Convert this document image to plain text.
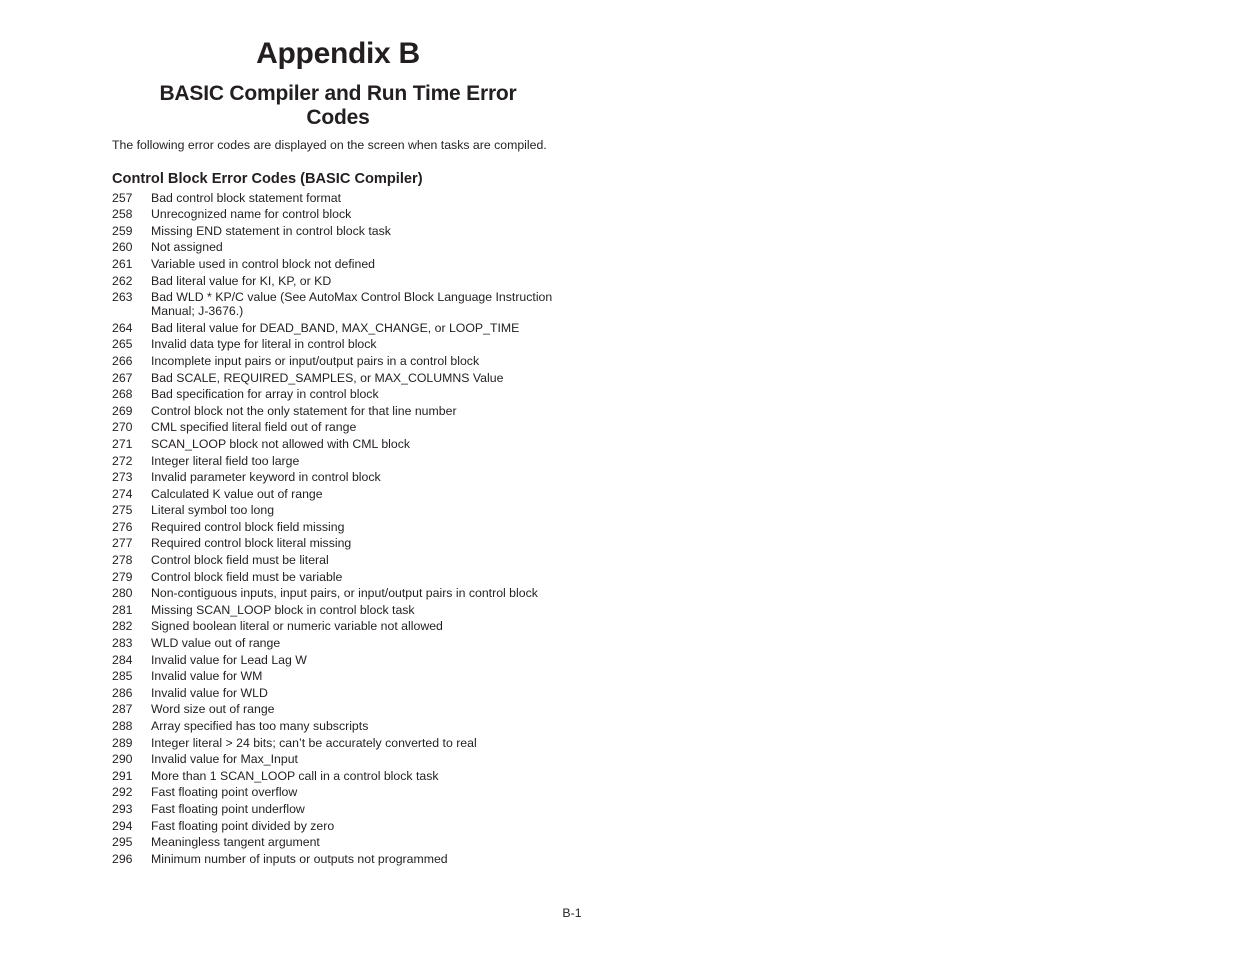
Appendix B
BASIC Compiler and Run Time Error Codes

The following error codes are displayed on the screen when tasks are compiled.

Control Block Error Codes (BASIC Compiler)
257	Bad control block statement format
258	Unrecognized name for control block
259	Missing END statement in control block task
260	Not assigned
261	Variable used in control block not defined
262	Bad literal value for KI, KP, or KD
263	Bad WLD * KP/C value (See AutoMax Control Block Language Instruction Manual; J-3676.)
264	Bad literal value for DEAD_BAND, MAX_CHANGE, or LOOP_TIME
265	Invalid data type for literal in control block
266	Incomplete input pairs or input/output pairs in a control block
267	Bad SCALE, REQUIRED_SAMPLES, or MAX_COLUMNS Value
268	Bad specification for array in control block
269	Control block not the only statement for that line number
270	CML specified literal field out of range
271	SCAN_LOOP block not allowed with CML block
272	Integer literal field too large
273	Invalid parameter keyword in control block
274	Calculated K value out of range
275	Literal symbol too long
276	Required control block field missing
277	Required control block literal missing
278	Control block field must be literal
279	Control block field must be variable
280	Non-contiguous inputs, input pairs, or input/output pairs in control block
281	Missing SCAN_LOOP block in control block task
282	Signed boolean literal or numeric variable not allowed
283	WLD value out of range
284	Invalid value for Lead Lag W
285	Invalid value for WM
286	Invalid value for WLD
287	Word size out of range
288	Array specified has too many subscripts
289	Integer literal > 24 bits; can’t be accurately converted to real
290	Invalid value for Max_Input
291	More than 1 SCAN_LOOP call in a control block task
292	Fast floating point overflow
293	Fast floating point underflow
294	Fast floating point divided by zero
295	Meaningless tangent argument
296	Minimum number of inputs or outputs not programmed
B-1
